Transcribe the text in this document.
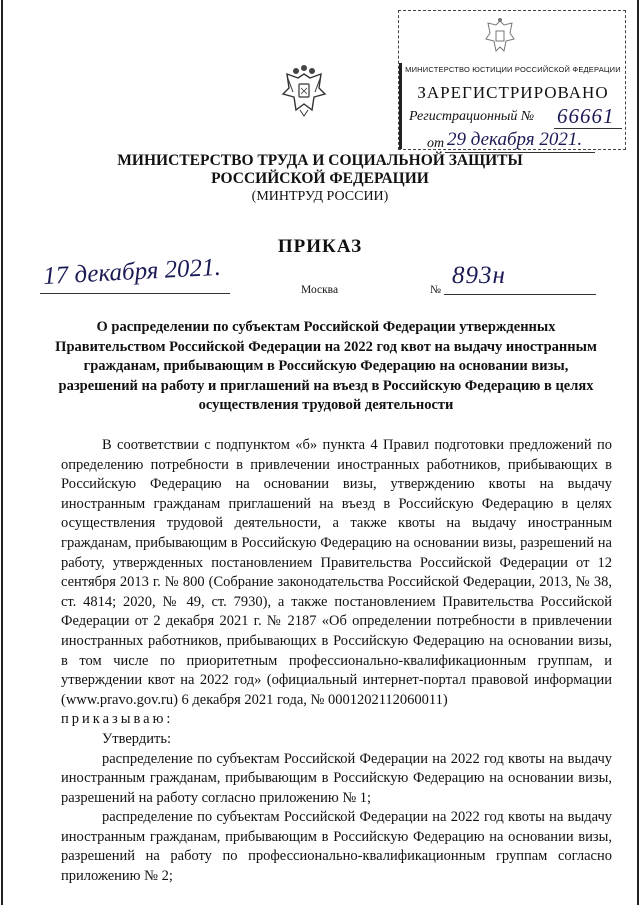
МИНИСТЕРСТВО ЮСТИЦИИ РОССИЙСКОЙ ФЕДЕРАЦИИ
ЗАРЕГИСТРИРОВАНО
Регистрационный № 66661
от 29 декабря 2021.
МИНИСТЕРСТВО ТРУДА И СОЦИАЛЬНОЙ ЗАЩИТЫ
РОССИЙСКОЙ ФЕДЕРАЦИИ
(МИНТРУД РОССИИ)
ПРИКАЗ
17 декабря 2021.	Москва	№
893н
О распределении по субъектам Российской Федерации утвержденных Правительством Российской Федерации на 2022 год квот на выдачу иностранным гражданам, прибывающим в Российскую Федерацию на основании визы, разрешений на работу и приглашений на въезд в Российскую Федерацию в целях осуществления трудовой деятельности

В соответствии с подпунктом «б» пункта 4 Правил подготовки предложений по определению потребности в привлечении иностранных работников, прибывающих в Российскую Федерацию на основании визы, утверждению квоты на выдачу иностранным гражданам приглашений на въезд в Российскую Федерацию в целях осуществления трудовой деятельности, а также квоты на выдачу иностранным гражданам, прибывающим в Российскую Федерацию на основании визы, разрешений на работу, утвержденных постановлением Правительства Российской Федерации от 12 сентября 2013 г. № 800 (Собрание законодательства Российской Федерации, 2013, № 38, ст. 4814; 2020, № 49, ст. 7930), а также постановлением Правительства Российской Федерации от 2 декабря 2021 г. № 2187 «Об определении потребности в привлечении иностранных работников, прибывающих в Российскую Федерацию на основании визы, в том числе по приоритетным профессионально-квалификационным группам, и утверждении квот на 2022 год» (официальный интернет-портал правовой информации (www.pravo.gov.ru) 6 декабря 2021 года, № 0001202112060011)

приказываю:

Утвердить:

распределение по субъектам Российской Федерации на 2022 год квоты на выдачу иностранным гражданам, прибывающим в Российскую Федерацию на основании визы, разрешений на работу согласно приложению № 1;

распределение по субъектам Российской Федерации на 2022 год квоты на выдачу иностранным гражданам, прибывающим в Российскую Федерацию на основании визы, разрешений на работу по профессионально-квалификационным группам согласно приложению № 2;
